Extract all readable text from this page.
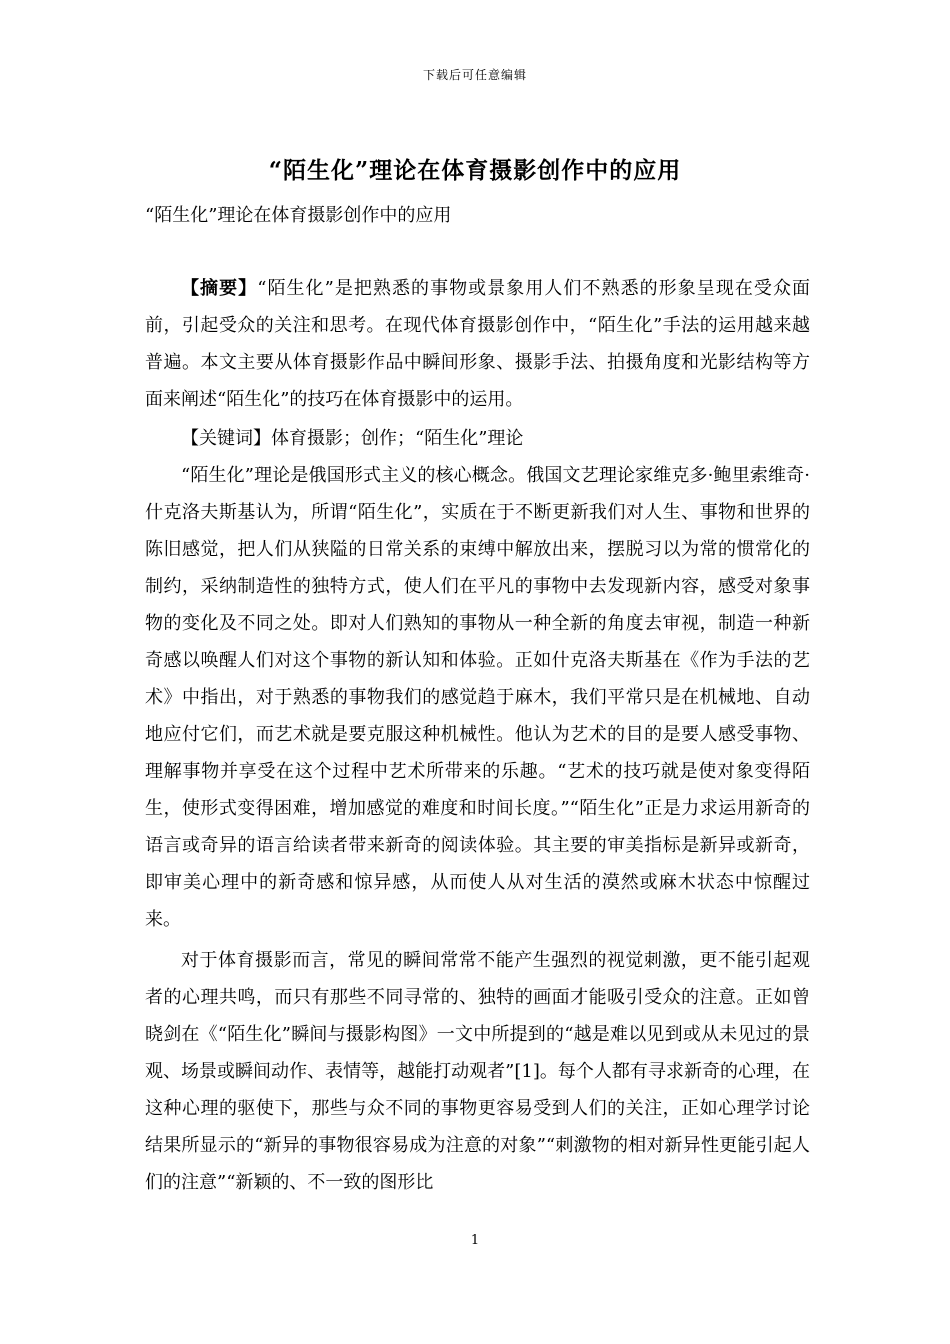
下载后可任意编辑
“陌生化”理论在体育摄影创作中的应用
“陌生化”理论在体育摄影创作中的应用

【摘要】“陌生化”是把熟悉的事物或景象用人们不熟悉的形象呈现在受众面前，引起受众的关注和思考。在现代体育摄影创作中，“陌生化”手法的运用越来越普遍。本文主要从体育摄影作品中瞬间形象、摄影手法、拍摄角度和光影结构等方面来阐述“陌生化”的技巧在体育摄影中的运用。

【关键词】体育摄影；创作；“陌生化”理论

“陌生化”理论是俄国形式主义的核心概念。俄国文艺理论家维克多·鲍里索维奇·什克洛夫斯基认为，所谓“陌生化”，实质在于不断更新我们对人生、事物和世界的陈旧感觉，把人们从狭隘的日常关系的束缚中解放出来，摆脱习以为常的惯常化的制约，采纳制造性的独特方式，使人们在平凡的事物中去发现新内容，感受对象事物的变化及不同之处。即对人们熟知的事物从一种全新的角度去审视，制造一种新奇感以唤醒人们对这个事物的新认知和体验。正如什克洛夫斯基在《作为手法的艺术》中指出，对于熟悉的事物我们的感觉趋于麻木，我们平常只是在机械地、自动地应付它们，而艺术就是要克服这种机械性。他认为艺术的目的是要人感受事物、理解事物并享受在这个过程中艺术所带来的乐趣。“艺术的技巧就是使对象变得陌生，使形式变得困难，增加感觉的难度和时间长度。”“陌生化”正是力求运用新奇的语言或奇异的语言给读者带来新奇的阅读体验。其主要的审美指标是新异或新奇，即审美心理中的新奇感和惊异感，从而使人从对生活的漠然或麻木状态中惊醒过来。

对于体育摄影而言，常见的瞬间常常不能产生强烈的视觉刺激，更不能引起观者的心理共鸣，而只有那些不同寻常的、独特的画面才能吸引受众的注意。正如曾晓剑在《“陌生化”瞬间与摄影构图》一文中所提到的“越是难以见到或从未见过的景观、场景或瞬间动作、表情等，越能打动观者”[1]。每个人都有寻求新奇的心理，在这种心理的驱使下，那些与众不同的事物更容易受到人们的关注，正如心理学讨论结果所显示的“新异的事物很容易成为注意的对象”“刺激物的相对新异性更能引起人们的注意”“新颖的、不一致的图形比

1
